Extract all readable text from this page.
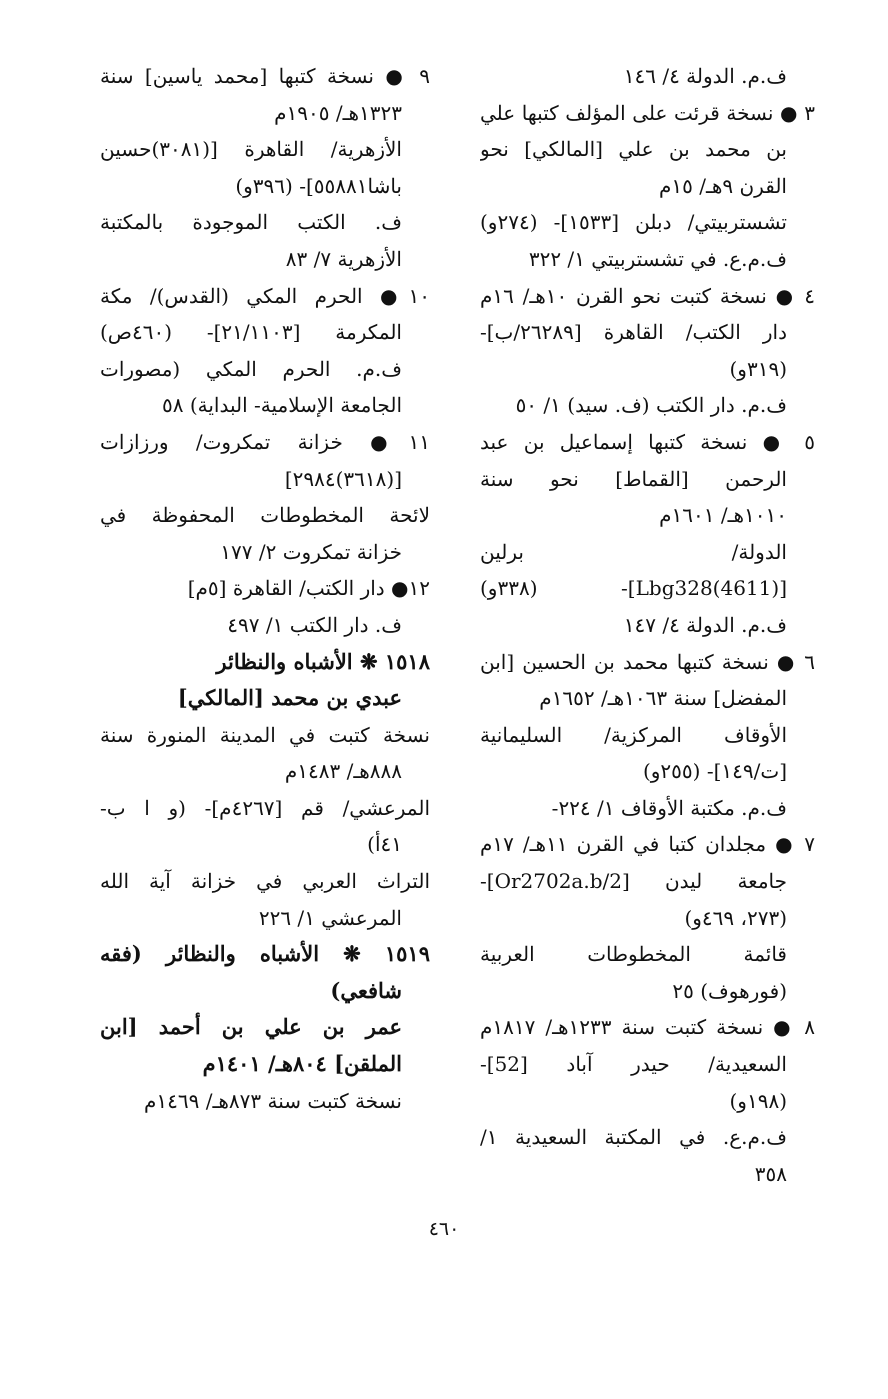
ف.م. الدولة ٤/ ١٤٦
٣ ● نسخة قرئت على المؤلف كتبها علي
بن محمد بن علي [المالكي] نحو
القرن ٩هـ/ ١٥م
تشستربيتي/ دبلن [١٥٣٣]- (٢٧٤و)
ف.م.ع. في تشستربيتي ١/ ٣٢٢
٤ ● نسخة كتبت نحو القرن ١٠هـ/ ١٦م
دار الكتب/ القاهرة [٢٦٢٨٩/ب]-
(٣١٩و)
ف.م. دار الكتب (ف. سيد) ١/ ٥٠
٥ ● نسخة كتبها إسماعيل بن عبد
الرحمن [القماط] نحو سنة
١٠١٠هـ/ ١٦٠١م
الدولة/ برلين
[(4611)Lbg328]- (٣٣٨و)
ف.م. الدولة ٤/ ١٤٧
٦ ● نسخة كتبها محمد بن الحسين [ابن
المفضل] سنة ١٠٦٣هـ/ ١٦٥٢م
الأوقاف المركزية/ السليمانية
[ت/١٤٩]- (٢٥٥و)
ف.م. مكتبة الأوقاف ١/ ٢٢٤-
٧ ● مجلدان كتبا في القرن ١١هـ/ ١٧م
جامعة ليدن [Or2702a.b/2]-
(٢٧٣، ٤٦٩و)
قائمة المخطوطات العربية
(فورهوف) ٢٥
٨ ● نسخة كتبت سنة ١٢٣٣هـ/ ١٨١٧م
السعيدية/ حيدر آباد [52]-
(١٩٨و)
ف.م.ع. في المكتبة السعيدية ١/
٣٥٨
٩ ● نسخة كتبها [محمد ياسين] سنة
١٣٢٣هـ/ ١٩٠٥م
الأزهرية/ القاهرة [(٣٠٨١)حسين
باشا٥٥٨٨١]- (٣٩٦و)
ف. الكتب الموجودة بالمكتبة
الأزهرية ٧/ ٨٣
١٠● الحرم المكي (القدس)/ مكة
المكرمة [٢١/١١٠٣]- (٤٦٠ص)
ف.م. الحرم المكي (مصورات
الجامعة الإسلامية- البداية) ٥٨
١١● خزانة تمكروت/ ورزازات
[(٣٦١٨)٢٩٨٤]
لائحة المخطوطات المحفوظة في
خزانة تمكروت ٢/ ١٧٧
١٢● دار الكتب/ القاهرة [٥م]
ف. دار الكتب ١/ ٤٩٧
١٥١٨ ❋ الأشباه والنظائر
عبدي بن محمد [المالكي]
نسخة كتبت في المدينة المنورة سنة
٨٨٨هـ/ ١٤٨٣م
المرعشي/ قم [٤٢٦٧م]- (و ا ب-
٤١أ)
التراث العربي في خزانة آية الله
المرعشي ١/ ٢٢٦
١٥١٩ ❋ الأشباه والنظائر (فقه
شافعي)
عمر بن علي بن أحمد [ابن
الملقن] ٨٠٤هـ/ ١٤٠١م
نسخة كتبت سنة ٨٧٣هـ/ ١٤٦٩م
٤٦٠
